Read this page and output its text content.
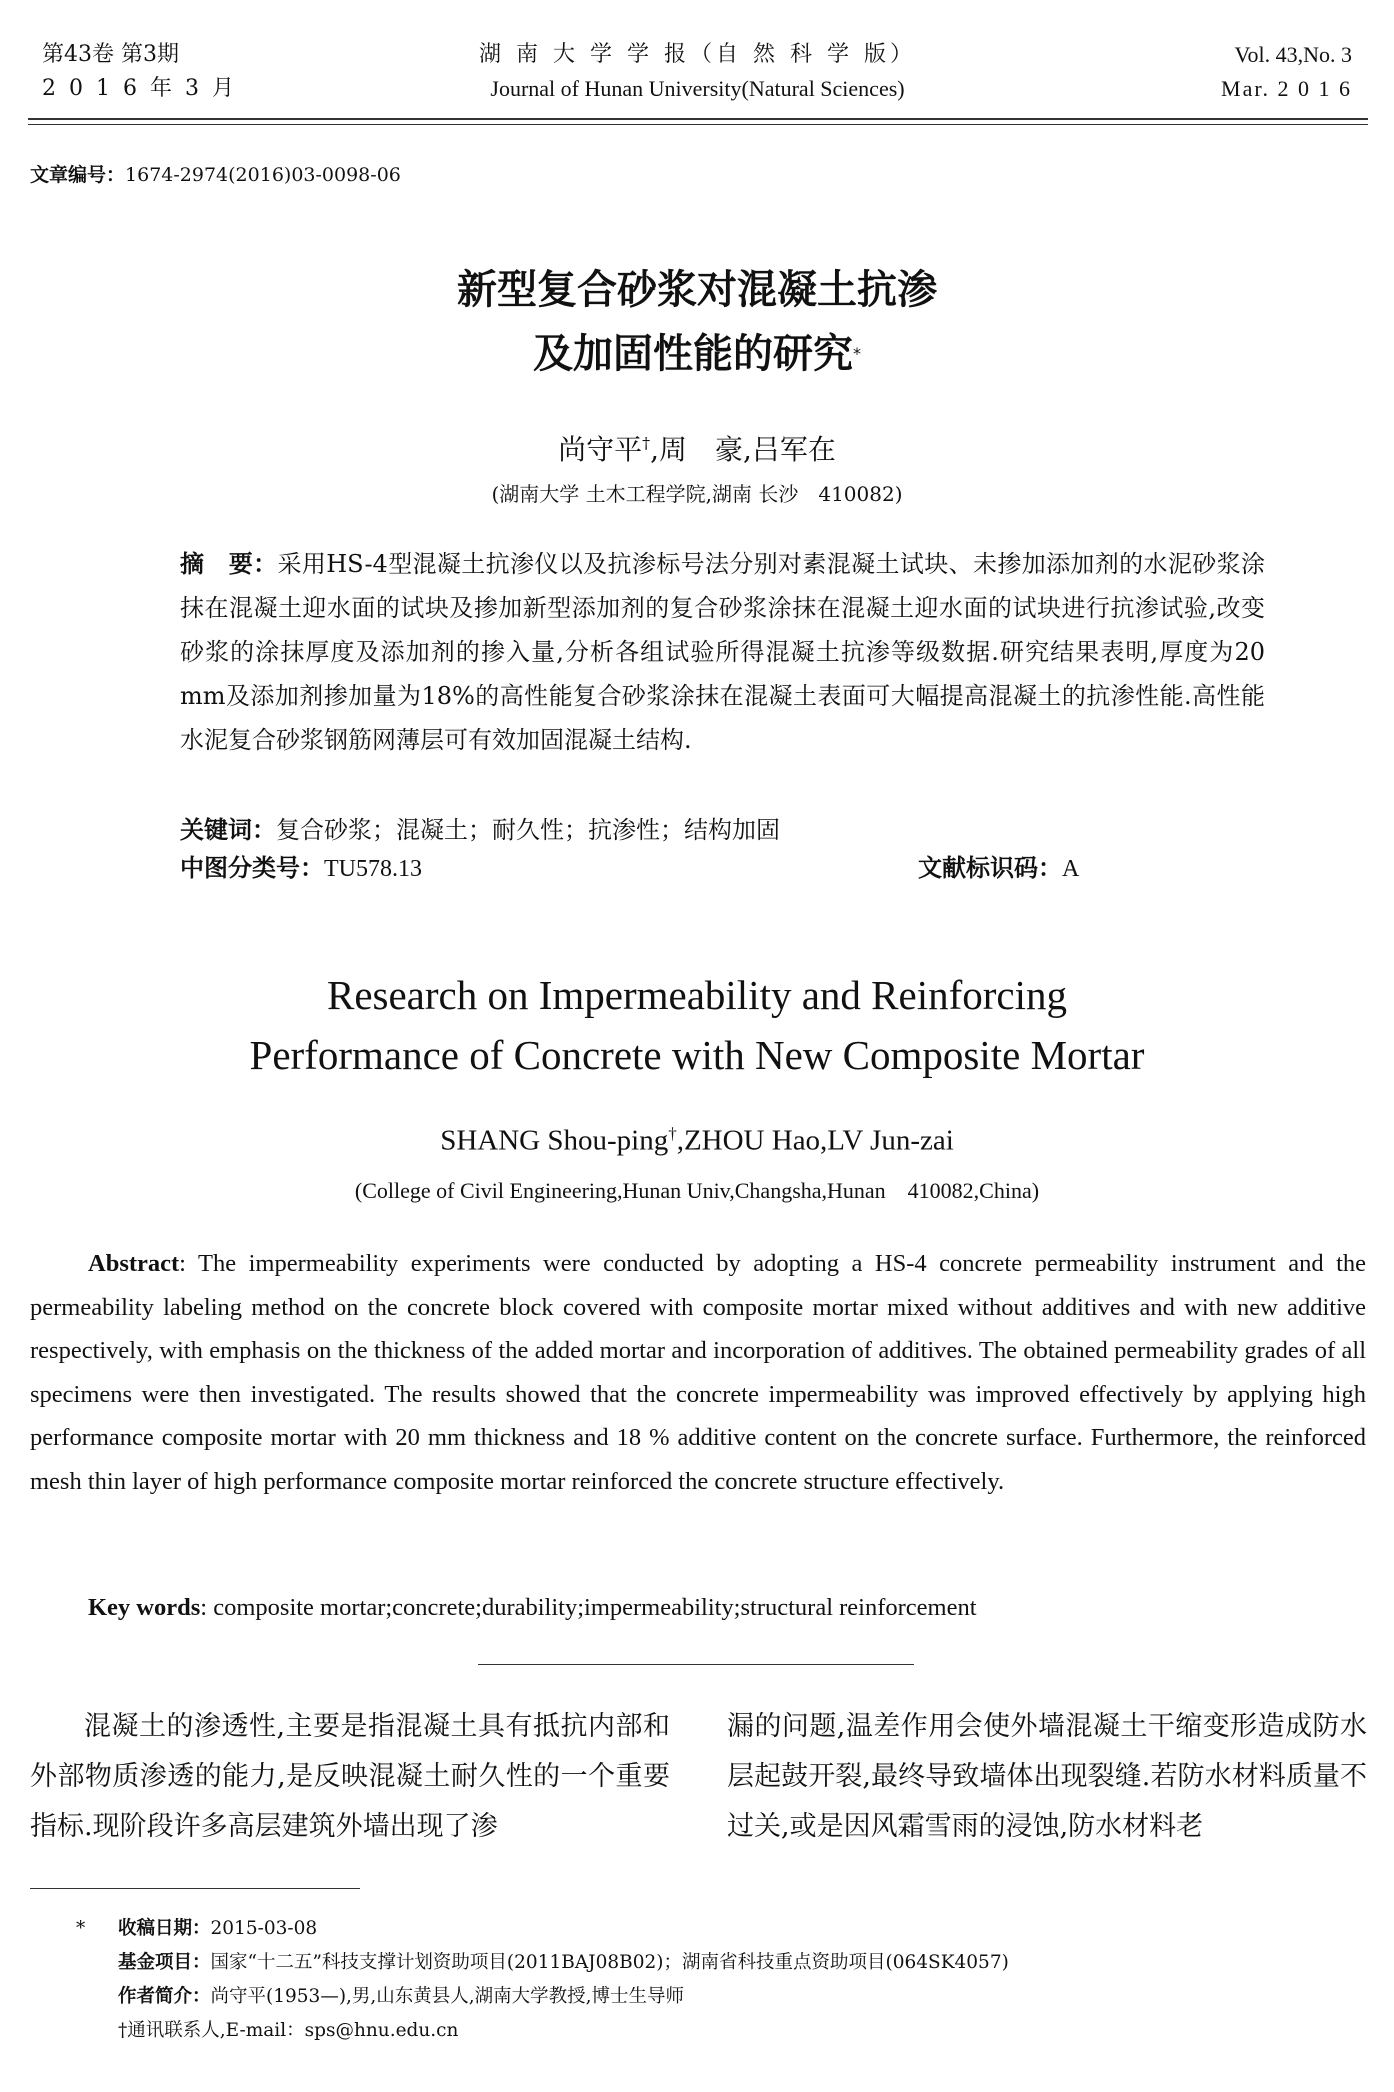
第43卷 第3期
2 0 1 6 年 3 月
湖 南 大 学 学 报（自 然 科 学 版）
Journal of Hunan University(Natural Sciences)
Vol. 43,No. 3
Mar. 2 0 1 6
文章编号：1674-2974(2016)03-0098-06
新型复合砂浆对混凝土抗渗
及加固性能的研究*
尚守平†,周　豪,吕军在
(湖南大学 土木工程学院,湖南 长沙　410082)
摘　要：采用HS-4型混凝土抗渗仪以及抗渗标号法分别对素混凝土试块、未掺加添加剂的水泥砂浆涂抹在混凝土迎水面的试块及掺加新型添加剂的复合砂浆涂抹在混凝土迎水面的试块进行抗渗试验,改变砂浆的涂抹厚度及添加剂的掺入量,分析各组试验所得混凝土抗渗等级数据.研究结果表明,厚度为20 mm及添加剂掺加量为18%的高性能复合砂浆涂抹在混凝土表面可大幅提高混凝土的抗渗性能.高性能水泥复合砂浆钢筋网薄层可有效加固混凝土结构.
关键词：复合砂浆；混凝土；耐久性；抗渗性；结构加固
中图分类号：TU578.13	文献标识码：A
Research on Impermeability and Reinforcing
Performance of Concrete with New Composite Mortar
SHANG Shou-ping†,ZHOU Hao,LV Jun-zai
(College of Civil Engineering,Hunan Univ,Changsha,Hunan　410082,China)
Abstract: The impermeability experiments were conducted by adopting a HS-4 concrete permeability instrument and the permeability labeling method on the concrete block covered with composite mortar mixed without additives and with new additive respectively, with emphasis on the thickness of the added mortar and incorporation of additives. The obtained permeability grades of all specimens were then investigated. The results showed that the concrete impermeability was improved effectively by applying high performance composite mortar with 20 mm thickness and 18 % additive content on the concrete surface. Furthermore, the reinforced mesh thin layer of high performance composite mortar reinforced the concrete structure effectively.
Key words: composite mortar;concrete;durability;impermeability;structural reinforcement
混凝土的渗透性,主要是指混凝土具有抵抗内部和外部物质渗透的能力,是反映混凝土耐久性的一个重要指标.现阶段许多高层建筑外墙出现了渗
漏的问题,温差作用会使外墙混凝土干缩变形造成防水层起鼓开裂,最终导致墙体出现裂缝.若防水材料质量不过关,或是因风霜雪雨的浸蚀,防水材料老
* 收稿日期：2015-03-08
基金项目：国家“十二五”科技支撑计划资助项目(2011BAJ08B02)；湖南省科技重点资助项目(064SK4057)
作者简介：尚守平(1953—),男,山东黄县人,湖南大学教授,博士生导师
†通讯联系人,E-mail：sps@hnu.edu.cn
